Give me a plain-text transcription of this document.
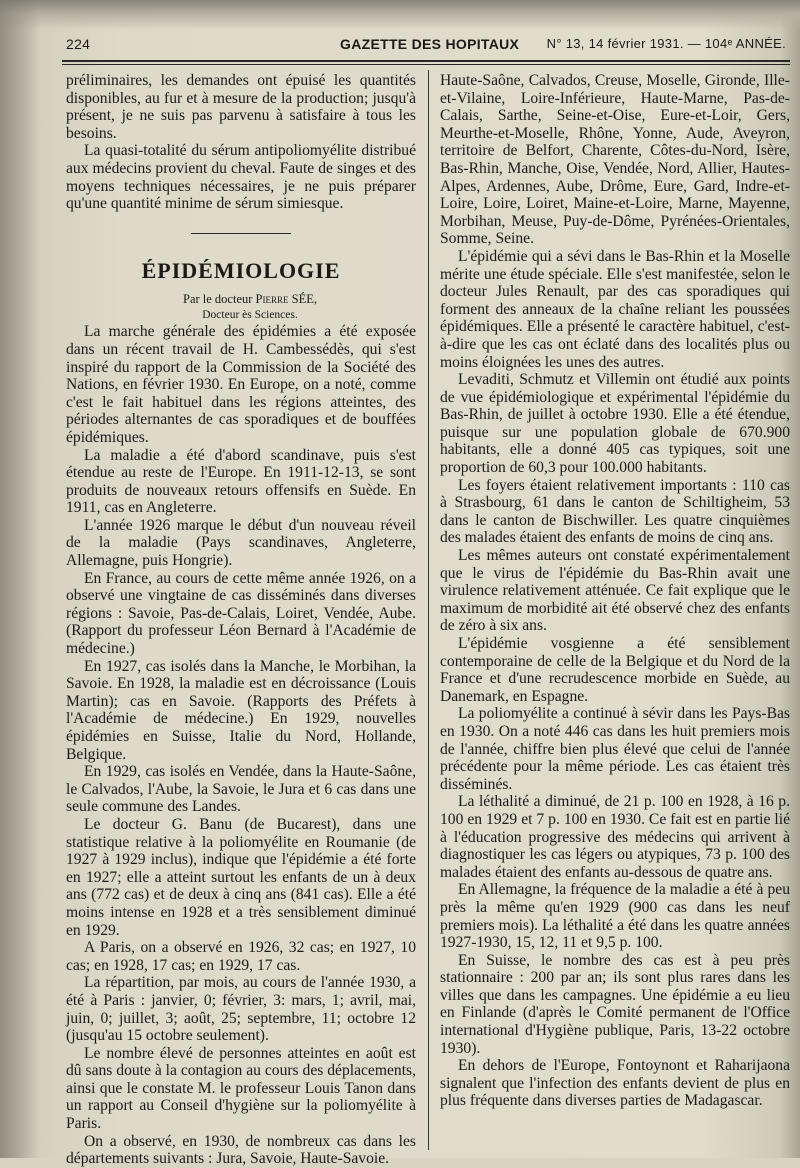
224	GAZETTE DES HOPITAUX N° 13, 14 février 1931. — 104ᵉ ANNÉE.

préliminaires, les demandes ont épuisé les quantités disponibles, au fur et à mesure de la production; jusqu'à présent, je ne suis pas parvenu à satisfaire à tous les besoins.

La quasi-totalité du sérum antipoliomyélite distribué aux médecins provient du cheval. Faute de singes et des moyens techniques nécessaires, je ne puis préparer qu'une quantité minime de sérum simiesque.

ÉPIDÉMIOLOGIE

Par le docteur Pierre SÉE,

Docteur ès Sciences.

La marche générale des épidémies a été exposée dans un récent travail de H. Cambessédès, qui s'est inspiré du rapport de la Commission de la Société des Nations, en février 1930. En Europe, on a noté, comme c'est le fait habituel dans les régions atteintes, des périodes alternantes de cas sporadiques et de bouffées épidémiques.

La maladie a été d'abord scandinave, puis s'est étendue au reste de l'Europe. En 1911-12-13, se sont produits de nouveaux retours offensifs en Suède. En 1911, cas en Angleterre.

L'année 1926 marque le début d'un nouveau réveil de la maladie (Pays scandinaves, Angleterre, Allemagne, puis Hongrie).

En France, au cours de cette même année 1926, on a observé une vingtaine de cas disséminés dans diverses régions : Savoie, Pas-de-Calais, Loiret, Vendée, Aube. (Rapport du professeur Léon Bernard à l'Académie de médecine.)

En 1927, cas isolés dans la Manche, le Morbihan, la Savoie. En 1928, la maladie est en décroissance (Louis Martin); cas en Savoie. (Rapports des Préfets à l'Académie de médecine.) En 1929, nouvelles épidémies en Suisse, Italie du Nord, Hollande, Belgique.

En 1929, cas isolés en Vendée, dans la Haute-Saône, le Calvados, l'Aube, la Savoie, le Jura et 6 cas dans une seule commune des Landes.

Le docteur G. Banu (de Bucarest), dans une statistique relative à la poliomyélite en Roumanie (de 1927 à 1929 inclus), indique que l'épidémie a été forte en 1927; elle a atteint surtout les enfants de un à deux ans (772 cas) et de deux à cinq ans (841 cas). Elle a été moins intense en 1928 et a très sensiblement diminué en 1929.

A Paris, on a observé en 1926, 32 cas; en 1927, 10 cas; en 1928, 17 cas; en 1929, 17 cas.

La répartition, par mois, au cours de l'année 1930, a été à Paris : janvier, 0; février, 3: mars, 1; avril, mai, juin, 0; juillet, 3; août, 25; septembre, 11; octobre 12 (jusqu'au 15 octobre seulement).

Le nombre élevé de personnes atteintes en août est dû sans doute à la contagion au cours des déplacements, ainsi que le constate M. le professeur Louis Tanon dans un rapport au Conseil d'hygiène sur la poliomyélite à Paris.

On a observé, en 1930, de nombreux cas dans les départements suivants : Jura, Savoie, Haute-Savoie.

Haute-Saône, Calvados, Creuse, Moselle, Gironde, Ille-et-Vilaine, Loire-Inférieure, Haute-Marne, Pas-de-Calais, Sarthe, Seine-et-Oise, Eure-et-Loir, Gers, Meurthe-et-Moselle, Rhône, Yonne, Aude, Aveyron, territoire de Belfort, Charente, Côtes-du-Nord, Isère, Bas-Rhin, Manche, Oise, Vendée, Nord, Allier, Hautes-Alpes, Ardennes, Aube, Drôme, Eure, Gard, Indre-et-Loire, Loire, Loiret, Maine-et-Loire, Marne, Mayenne, Morbihan, Meuse, Puy-de-Dôme, Pyrénées-Orientales, Somme, Seine.

L'épidémie qui a sévi dans le Bas-Rhin et la Moselle mérite une étude spéciale. Elle s'est manifestée, selon le docteur Jules Renault, par des cas sporadiques qui forment des anneaux de la chaîne reliant les poussées épidémiques. Elle a présenté le caractère habituel, c'est-à-dire que les cas ont éclaté dans des localités plus ou moins éloignées les unes des autres.

Levaditi, Schmutz et Villemin ont étudié aux points de vue épidémiologique et expérimental l'épidémie du Bas-Rhin, de juillet à octobre 1930. Elle a été étendue, puisque sur une population globale de 670.900 habitants, elle a donné 405 cas typiques, soit une proportion de 60,3 pour 100.000 habitants.

Les foyers étaient relativement importants : 110 cas à Strasbourg, 61 dans le canton de Schiltigheim, 53 dans le canton de Bischwiller. Les quatre cinquièmes des malades étaient des enfants de moins de cinq ans.

Les mêmes auteurs ont constaté expérimentalement que le virus de l'épidémie du Bas-Rhin avait une virulence relativement atténuée. Ce fait explique que le maximum de morbidité ait été observé chez des enfants de zéro à six ans.

L'épidémie vosgienne a été sensiblement contemporaine de celle de la Belgique et du Nord de la France et d'une recrudescence morbide en Suède, au Danemark, en Espagne.

La poliomyélite a continué à sévir dans les Pays-Bas en 1930. On a noté 446 cas dans les huit premiers mois de l'année, chiffre bien plus élevé que celui de l'année précédente pour la même période. Les cas étaient très disséminés.

La léthalité a diminué, de 21 p. 100 en 1928, à 16 p. 100 en 1929 et 7 p. 100 en 1930. Ce fait est en partie lié à l'éducation progressive des médecins qui arrivent à diagnostiquer les cas légers ou atypiques, 73 p. 100 des malades étaient des enfants au-dessous de quatre ans.

En Allemagne, la fréquence de la maladie a été à peu près la même qu'en 1929 (900 cas dans les neuf premiers mois). La léthalité a été dans les quatre années 1927-1930, 15, 12, 11 et 9,5 p. 100.

En Suisse, le nombre des cas est à peu près stationnaire : 200 par an; ils sont plus rares dans les villes que dans les campagnes. Une épidémie a eu lieu en Finlande (d'après le Comité permanent de l'Office international d'Hygiène publique, Paris, 13-22 octobre 1930).

En dehors de l'Europe, Fontoynont et Raharijaona signalent que l'infection des enfants devient de plus en plus fréquente dans diverses parties de Madagascar.
